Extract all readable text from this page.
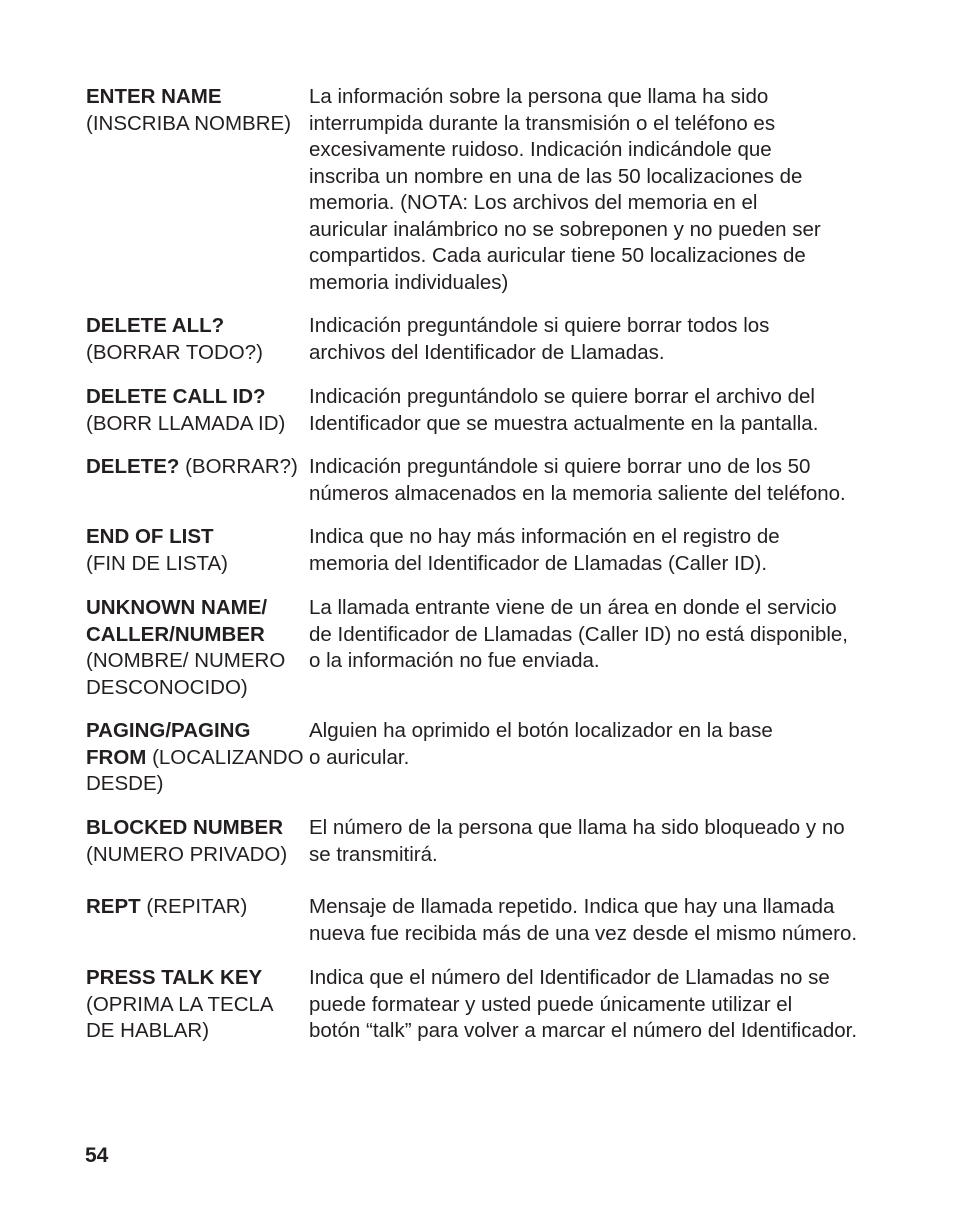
ENTER NAME
(INSCRIBA NOMBRE)
La información sobre la persona que llama ha sido
interrumpida durante la transmisión o el teléfono es
excesivamente ruidoso. Indicación indicándole que
inscriba un nombre en una de las 50 localizaciones de
memoria. (NOTA: Los archivos del memoria en el
auricular inalámbrico no se sobreponen y no pueden ser
compartidos. Cada auricular tiene 50 localizaciones de
memoria individuales)
DELETE ALL?
(BORRAR TODO?)
Indicación preguntándole si quiere borrar todos los
archivos del Identificador de Llamadas.
DELETE CALL ID?
(BORR LLAMADA ID)
Indicación preguntándolo se quiere borrar el archivo del
Identificador que se muestra actualmente en la pantalla.
DELETE? (BORRAR?) Indicación preguntándole si quiere borrar uno de los 50
números almacenados en la memoria saliente del teléfono.
END OF LIST
(FIN DE LISTA)
Indica que no hay más información en el registro de
memoria del Identificador de Llamadas (Caller ID).
UNKNOWN NAME/
CALLER/NUMBER
(NOMBRE/ NUMERO
DESCONOCIDO)
La llamada entrante viene de un área en donde el servicio
de Identificador de Llamadas (Caller ID) no está disponible,
o la información no fue enviada.
PAGING/PAGING
FROM (LOCALIZANDO
DESDE)
Alguien ha oprimido el botón localizador en la base
o auricular.
BLOCKED NUMBER
(NUMERO PRIVADO)
El número de la persona que llama ha sido bloqueado y no
se transmitirá.
REPT (REPITAR)	Mensaje de llamada repetido. Indica que hay una llamada
nueva fue recibida más de una vez desde el mismo número.
PRESS TALK KEY
(OPRIMA LA TECLA
DE HABLAR)
Indica que el número del Identificador de Llamadas no se
puede formatear y usted puede únicamente utilizar el
botón “talk” para volver a marcar el número del Identificador.
54
